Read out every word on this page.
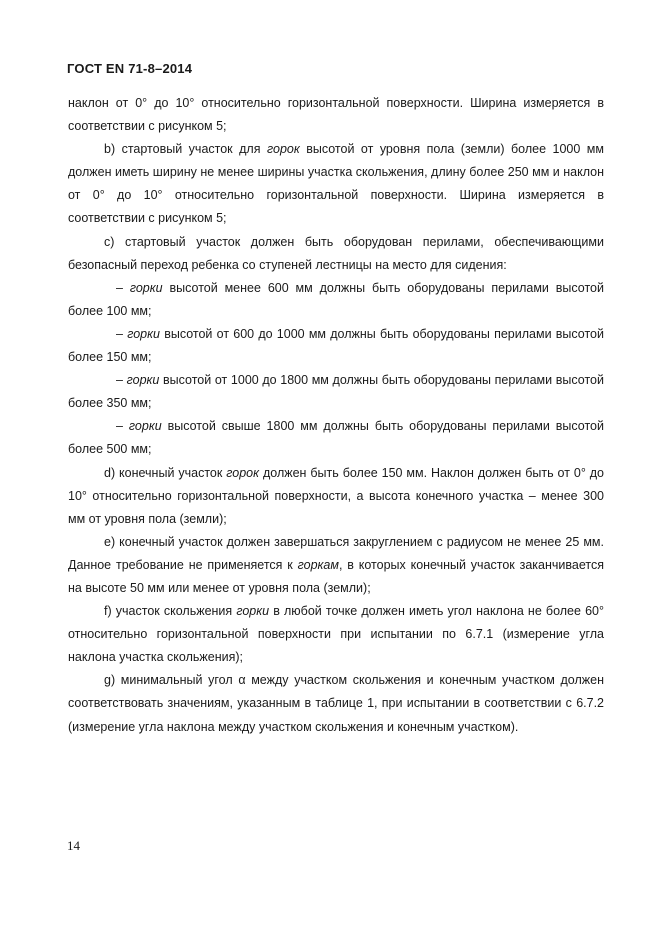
ГОСТ EN 71-8–2014

наклон от 0° до 10° относительно горизонтальной поверхности. Ширина измеряется в соответствии с рисунком 5;

b) стартовый участок для горок высотой от уровня пола (земли) более 1000 мм должен иметь ширину не менее ширины участка скольжения, длину более 250 мм и наклон от 0° до 10° относительно горизонтальной поверхности. Ширина измеряется в соответствии с рисунком 5;

c) стартовый участок должен быть оборудован перилами, обеспечивающими безопасный переход ребенка со ступеней лестницы на место для сидения:

– горки высотой менее 600 мм должны быть оборудованы перилами высотой более 100 мм;

– горки высотой от 600 до 1000 мм должны быть оборудованы перилами высотой более 150 мм;

– горки высотой от 1000 до 1800 мм должны быть оборудованы перилами высотой более 350 мм;

– горки высотой свыше 1800 мм должны быть оборудованы перилами высотой более 500 мм;

d) конечный участок горок должен быть более 150 мм. Наклон должен быть от 0° до 10° относительно горизонтальной поверхности, а высота конечного участка – менее 300 мм от уровня пола (земли);

e) конечный участок должен завершаться закруглением с радиусом не менее 25 мм. Данное требование не применяется к горкам, в которых конечный участок заканчивается на высоте 50 мм или менее от уровня пола (земли);

f) участок скольжения горки в любой точке должен иметь угол наклона не более 60° относительно горизонтальной поверхности при испытании по 6.7.1 (измерение угла наклона участка скольжения);

g) минимальный угол α между участком скольжения и конечным участком должен соответствовать значениям, указанным в таблице 1, при испытании в соответствии с 6.7.2 (измерение угла наклона между участком скольжения и конечным участком).

14
